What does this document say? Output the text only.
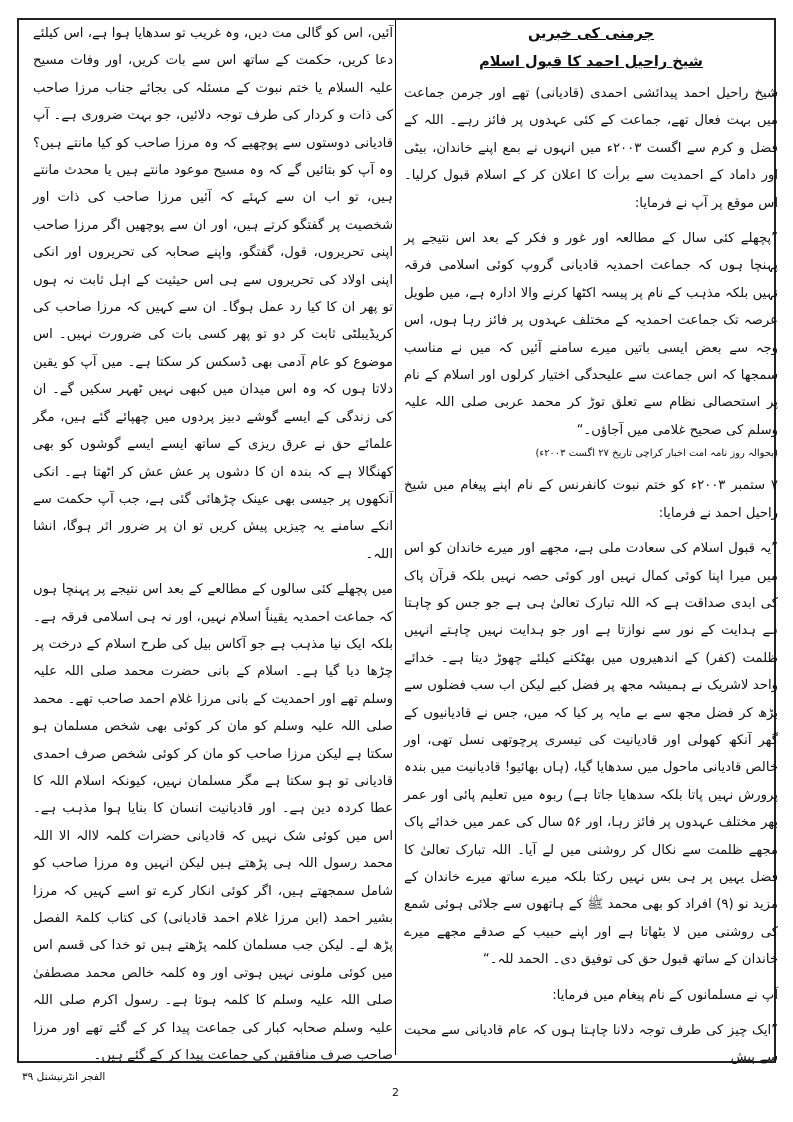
جرمنی کی خبریں
شیخ راحیل احمد کا قبول اسلام

شیخ راحیل احمد پیدائشی احمدی (قادیانی) تھے اور جرمن جماعت میں بہت فعال تھے، جماعت کے کئی عہدوں پر فائز رہے۔ اللہ کے فضل و کرم سے اگست ۲۰۰۳ء میں انہوں نے بمع اپنے خاندان، بیٹی اور داماد کے احمدیت سے برأت کا اعلان کر کے اسلام قبول کرلیا۔ اس موقع پر آپ نے فرمایا:

”پچھلے کئی سال کے مطالعہ اور غور و فکر کے بعد اس نتیجے پر پہنچا ہوں کہ جماعت احمدیہ قادیانی گروپ کوئی اسلامی فرقہ نہیں بلکہ مذہب کے نام پر پیسہ اکٹھا کرنے والا ادارہ ہے، میں طویل عرصہ تک جماعت احمدیہ کے مختلف عہدوں پر فائز رہا ہوں، اس وجہ سے بعض ایسی باتیں میرے سامنے آئیں کہ میں نے مناسب سمجھا کہ اس جماعت سے علیحدگی اختیار کرلوں اور اسلام کے نام پر استحصالی نظام سے تعلق توڑ کر محمد عربی صلی اللہ علیہ وسلم کی صحیح غلامی میں آجاؤں۔“
(بحوالہ روز نامہ امت اخبار کراچی تاریخ ۲۷ اگست ۲۰۰۳ء)

۷ ستمبر ۲۰۰۳ء کو ختم نبوت کانفرنس کے نام اپنے پیغام میں شیخ راحیل احمد نے فرمایا:

”یہ قبول اسلام کی سعادت ملی ہے، مجھے اور میرے خاندان کو اس میں میرا اپنا کوئی کمال نہیں اور کوئی حصہ نہیں بلکہ قرآن پاک کی ابدی صداقت ہے کہ اللہ تبارک تعالیٰ ہی ہے جو جس کو چاہتا ہے ہدایت کے نور سے نوازتا ہے اور جو ہدایت نہیں چاہتے انہیں ظلمت (کفر) کے اندھیروں میں بھٹکنے کیلئے چھوڑ دیتا ہے۔ خدائے واحد لاشریک نے ہمیشہ مجھ پر فضل کیے لیکن اب سب فضلوں سے بڑھ کر فضل مجھ سے بے مایہ پر کیا کہ میں، جس نے قادیانیوں کے گھر آنکھ کھولی اور قادیانیت کی تیسری پرچوتھی نسل تھی، اور خالص قادیانی ماحول میں سدھایا گیا، (ہاں بھائیو! قادیانیت میں بندہ پرورش نہیں پاتا بلکہ سدھایا جاتا ہے) ربوہ میں تعلیم پائی اور عمر بھر مختلف عہدوں پر فائز رہا، اور ۵۶ سال کی عمر میں خدائے پاک مجھے ظلمت سے نکال کر روشنی میں لے آیا۔ اللہ تبارک تعالیٰ کا فضل یہیں پر ہی بس نہیں رکتا بلکہ میرے ساتھ میرے خاندان کے مزید نو (۹) افراد کو بھی محمد ﷺ کے ہاتھوں سے جلائی ہوئی شمع کی روشنی میں لا بٹھاتا ہے اور اپنے حبیب کے صدقے مجھے میرے خاندان کے ساتھ قبول حق کی توفیق دی۔ الحمد للہ۔“

آپ نے مسلمانوں کے نام پیغام میں فرمایا:

”ایک چیز کی طرف توجہ دلانا چاہتا ہوں کہ عام قادیانی سے محبت سے پیش

آئیں، اس کو گالی مت دیں، وہ غریب تو سدھایا ہوا ہے، اس کیلئے دعا کریں، حکمت کے ساتھ اس سے بات کریں، اور وفات مسیح علیہ السلام یا ختم نبوت کے مسئلہ کی بجائے جناب مرزا صاحب کی ذات و کردار کی طرف توجہ دلائیں، جو بہت ضروری ہے۔ آپ قادیانی دوستوں سے پوچھیے کہ وہ مرزا صاحب کو کیا مانتے ہیں؟ وہ آپ کو بتائیں گے کہ وہ مسیح موعود مانتے ہیں یا محدث مانتے ہیں، تو اب ان سے کہئے کہ آئیں مرزا صاحب کی ذات اور شخصیت پر گفتگو کرتے ہیں، اور ان سے پوچھیں اگر مرزا صاحب اپنی تحریروں، قول، گفتگو، واپنے صحابہ کی تحریروں اور انکی اپنی اولاد کی تحریروں سے ہی اس حیثیت کے اہل ثابت نہ ہوں تو پھر ان کا کیا رد عمل ہوگا۔ ان سے کہیں کہ مرزا صاحب کی کریڈیبلٹی ثابت کر دو تو پھر کسی بات کی ضرورت نہیں۔ اس موضوع کو عام آدمی بھی ڈسکس کر سکتا ہے۔ میں آپ کو یقین دلاتا ہوں کہ وہ اس میدان میں کبھی نہیں ٹھہر سکیں گے۔ ان کی زندگی کے ایسے گوشے دبیز پردوں میں چھپائے گئے ہیں، مگر علمائے حق نے عرق ریزی کے ساتھ ایسے ایسے گوشوں کو بھی کھنگالا ہے کہ بندہ ان کا دشوں پر عش عش کر اٹھتا ہے۔ انکی آنکھوں پر جیسی بھی عینک چڑھائی گئی ہے، جب آپ حکمت سے انکے سامنے یہ چیزیں پیش کریں تو ان پر ضرور اثر ہوگا، انشا اللہ۔

میں پچھلے کئی سالوں کے مطالعے کے بعد اس نتیجے پر پہنچا ہوں کہ جماعت احمدیہ یقیناً اسلام نہیں، اور نہ ہی اسلامی فرقہ ہے۔ بلکہ ایک نیا مذہب ہے جو آکاس بیل کی طرح اسلام کے درخت پر چڑھا دیا گیا ہے۔ اسلام کے بانی حضرت محمد صلی اللہ علیہ وسلم تھے اور احمدیت کے بانی مرزا غلام احمد صاحب تھے۔ محمد صلی اللہ علیہ وسلم کو مان کر کوئی بھی شخص مسلمان ہو سکتا ہے لیکن مرزا صاحب کو مان کر کوئی شخص صرف احمدی قادیانی تو ہو سکتا ہے مگر مسلمان نہیں، کیونکہ اسلام اللہ کا عطا کردہ دین ہے۔ اور قادیانیت انسان کا بنایا ہوا مذہب ہے۔ اس میں کوئی شک نہیں کہ قادیانی حضرات کلمہ لاالہ الا اللہ محمد رسول اللہ ہی پڑھتے ہیں لیکن انہیں وہ مرزا صاحب کو شامل سمجھتے ہیں، اگر کوئی انکار کرے تو اسے کہیں کہ مرزا بشیر احمد (ابن مرزا غلام احمد قادیانی) کی کتاب کلمۃ الفصل پڑھ لے۔ لیکن جب مسلمان کلمہ پڑھتے ہیں تو خدا کی قسم اس میں کوئی ملونی نہیں ہوتی اور وہ کلمہ خالص محمد مصطفیٰ صلی اللہ علیہ وسلم کا کلمہ ہوتا ہے۔ رسول اکرم صلی اللہ علیہ وسلم صحابہ کبار کی جماعت پیدا کر کے گئے تھے اور مرزا صاحب صرف منافقین کی جماعت پیدا کر کے گئے ہیں۔

الفجر انٹرنیشنل ۳۹
2
